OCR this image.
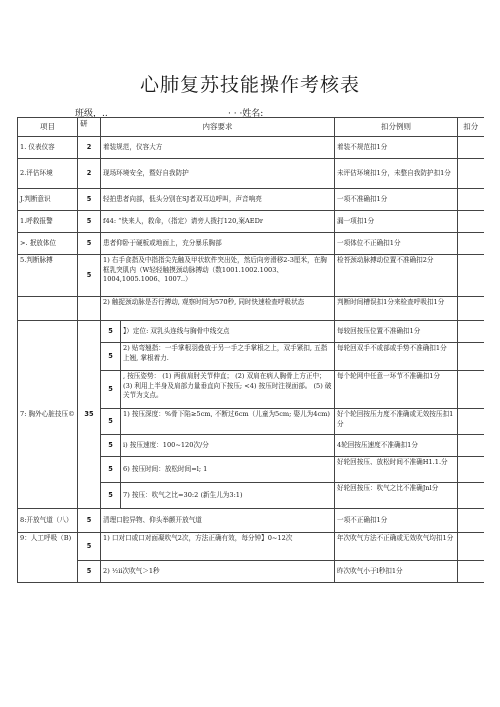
心肺复苏技能操作考核表
班级，..	· · ·姓名:
项目	研	内容要求		扣分例则	扣分
1. 仪表仪容	2	着装规范，仪容大方		着装不规范扣1分	
2.评估环境	2	现场环境安全，暨好自我防护		未评估环境扣1分，未整自我防护扣1分	
J.判断意识	5	轻拍患者向部，低头分别在SJ者双耳边呼叫，声音响亮		一项不准确扣1分	
1.呼救报警	5	f44: “快来人，救命，（指定）请旁人拨打120,案AEDr		漏一项扣1分	
>. 抿放体位	5	患者仰卧于硬板或地面上，充分暴乐胸部		一项体位不正确扣1分	
5.判断脉搏	5	1) 右手食指及中指指尖先触及甲状软件突出处，然后向旁滑移2-3厘米，在胸框乳突肌内（W轻轻触摸颈动脉搏动（数1001.1002.1003、1004,1005.1006、1007..）		检苔颈动脉搏动位置不准确扣2分	
		2) 触捉颈动脉是否行搏动, 观察时间为570秒, 同时快速检查呼吸状态		判断时间槽误扣1分来检查呼吸扣1分	
7: 胸外心脏技压©	35	5	】）定位: 双乳头连线与胸骨中线交点	每较回按压位置不准确扣1分	
		5	2) 贴弯翘指：一手掌根羽叠放于另一手之手掌根之上，双手紧扣, 五指上翘, 掌根着力.	每轮回双手不或部或手势不准确扣1分	
		5	, 按压姿势： (1) 两前肩肘关节伸直； (2) 双肩在病人胸骨上方正中； (3) 利用上半身及肩部力量垂直向下按压; <4) 按压时注视面部。 (5) 破关节为支点。	每个轮网中任意一环节不准确扣1分	
		5	1) 按压深度：%骨下陷≥5cm, 不断过6cm（儿童为5cm; 娶儿为4cm)	好个轮回按压力度不准确或无效按压扣1分	
		5	i) 按压速度：100~120次/分	4轮回按压速度不准确扣1分	
		5	6) 按压时间：放松时间=l; 1	好轮回按压、放松时间不准确H1.1.分	
		5	7) 按压：吹气之比=30:2 (新生儿为3:1)	好轮回按压：吹气之比不准确Jnl分	
8:开放气道（八）	5	清理口腔异物、仰头举颤开放气道		一项不正确扣1分	
9：人工呼吸（B)	5	1) 口对口或口对面凝吹气2次，方法正确有效，每分钟】0~12次		年次吹气方法不正确或无效吹气均扣1分	
	5	2) ½ii次吹气＞1秒		昨次吹气小于l秒扣1分	
